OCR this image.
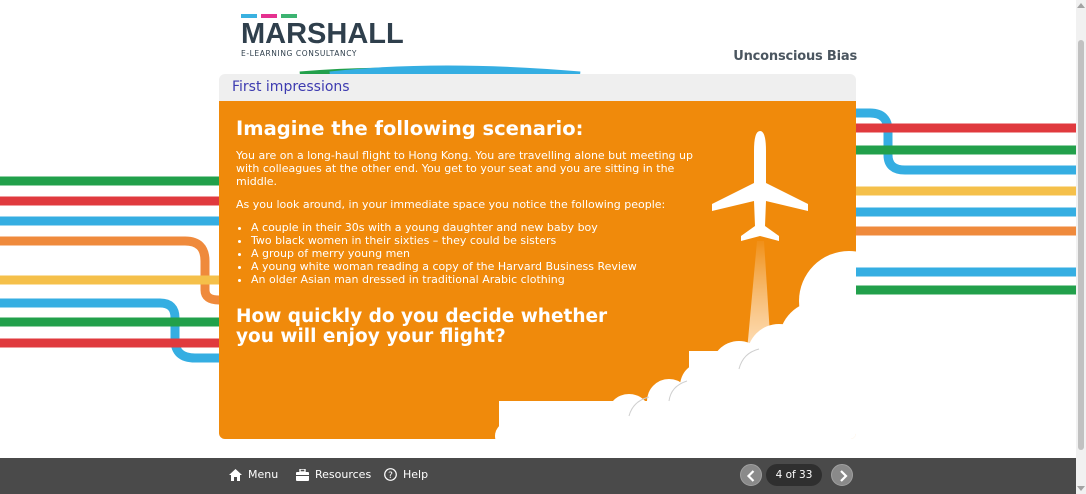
MARSHALL
E-LEARNING CONSULTANCY	Unconscious Bias
First impressions
Imagine the following scenario:

You are on a long-haul flight to Hong Kong. You are travelling alone but meeting up with colleagues at the other end. You get to your seat and you are sitting in the middle.

As you look around, in your immediate space you notice the following people:

• A couple in their 30s with a young daughter and new baby boy
• Two black women in their sixties – they could be sisters
• A group of merry young men
• A young white woman reading a copy of the Harvard Business Review
• An older Asian man dressed in traditional Arabic clothing
How quickly do you decide whether you will enjoy your flight?
Menu	Resources ? Help	4 of 33
